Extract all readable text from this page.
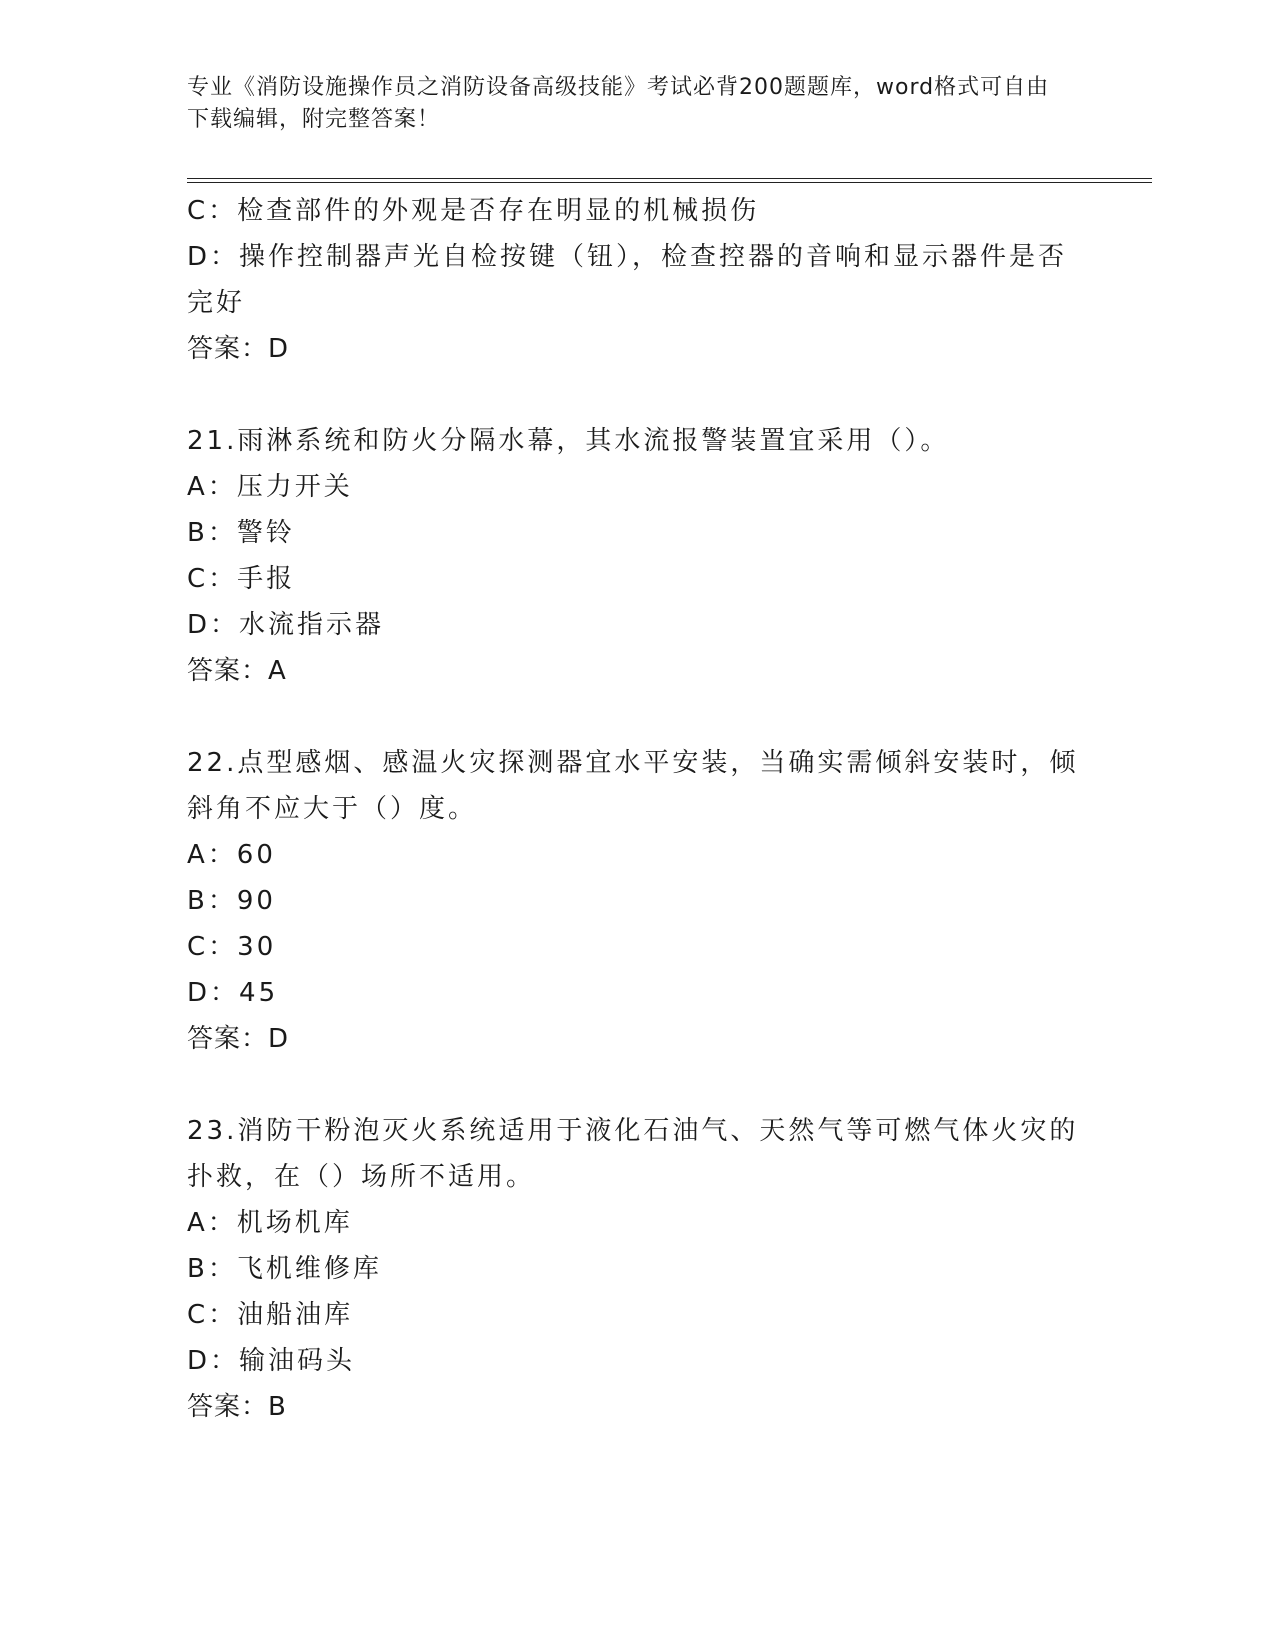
专业《消防设施操作员之消防设备高级技能》考试必背200题题库，word格式可自由下载编辑，附完整答案！

C：检查部件的外观是否存在明显的机械损伤

D：操作控制器声光自检按键（钮），检查控器的音响和显示器件是否完好

答案：D

21.雨淋系统和防火分隔水幕，其水流报警装置宜采用（）。

A：压力开关

B：警铃

C：手报

D：水流指示器

答案：A

22.点型感烟、感温火灾探测器宜水平安装，当确实需倾斜安装时，倾斜角不应大于（）度。

A：60

B：90

C：30

D：45

答案：D

23.消防干粉泡灭火系统适用于液化石油气、天然气等可燃气体火灾的扑救，在（）场所不适用。

A：机场机库

B：飞机维修库

C：油船油库

D：输油码头

答案：B
